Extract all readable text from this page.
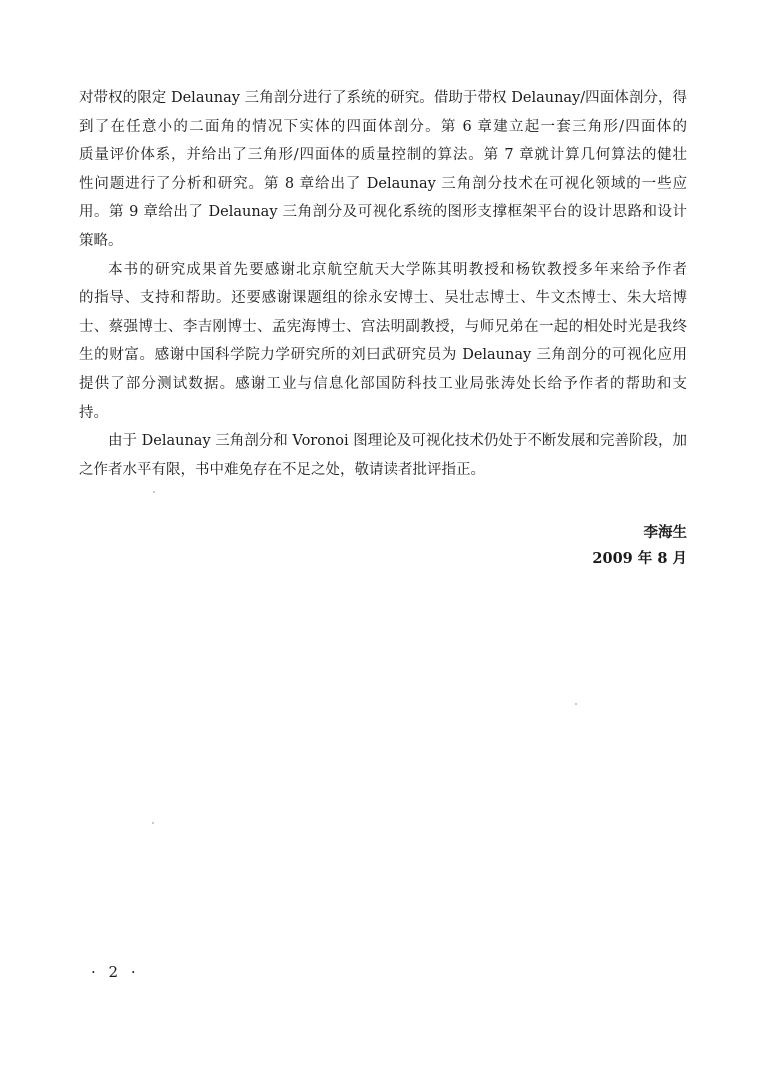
对带权的限定 Delaunay 三角剖分进行了系统的研究。借助于带权 Delaunay/四面体剖分，得
到了在任意小的二面角的情况下实体的四面体剖分。第 6 章建立起一套三角形/四面体的
质量评价体系，并给出了三角形/四面体的质量控制的算法。第 7 章就计算几何算法的健壮
性问题进行了分析和研究。第 8 章给出了 Delaunay 三角剖分技术在可视化领域的一些应
用。第 9 章给出了 Delaunay 三角剖分及可视化系统的图形支撑框架平台的设计思路和设计
策略。
本书的研究成果首先要感谢北京航空航天大学陈其明教授和杨钦教授多年来给予作者
的指导、支持和帮助。还要感谢课题组的徐永安博士、吴壮志博士、牛文杰博士、朱大培博
士、蔡强博士、李吉刚博士、孟宪海博士、宫法明副教授，与师兄弟在一起的相处时光是我终
生的财富。感谢中国科学院力学研究所的刘曰武研究员为 Delaunay 三角剖分的可视化应用
提供了部分测试数据。感谢工业与信息化部国防科技工业局张涛处长给予作者的帮助和支
持。
由于 Delaunay 三角剖分和 Voronoi 图理论及可视化技术仍处于不断发展和完善阶段，加
之作者水平有限，书中难免存在不足之处，敬请读者批评指正。
李海生
2009 年 8 月
· 2 ·
